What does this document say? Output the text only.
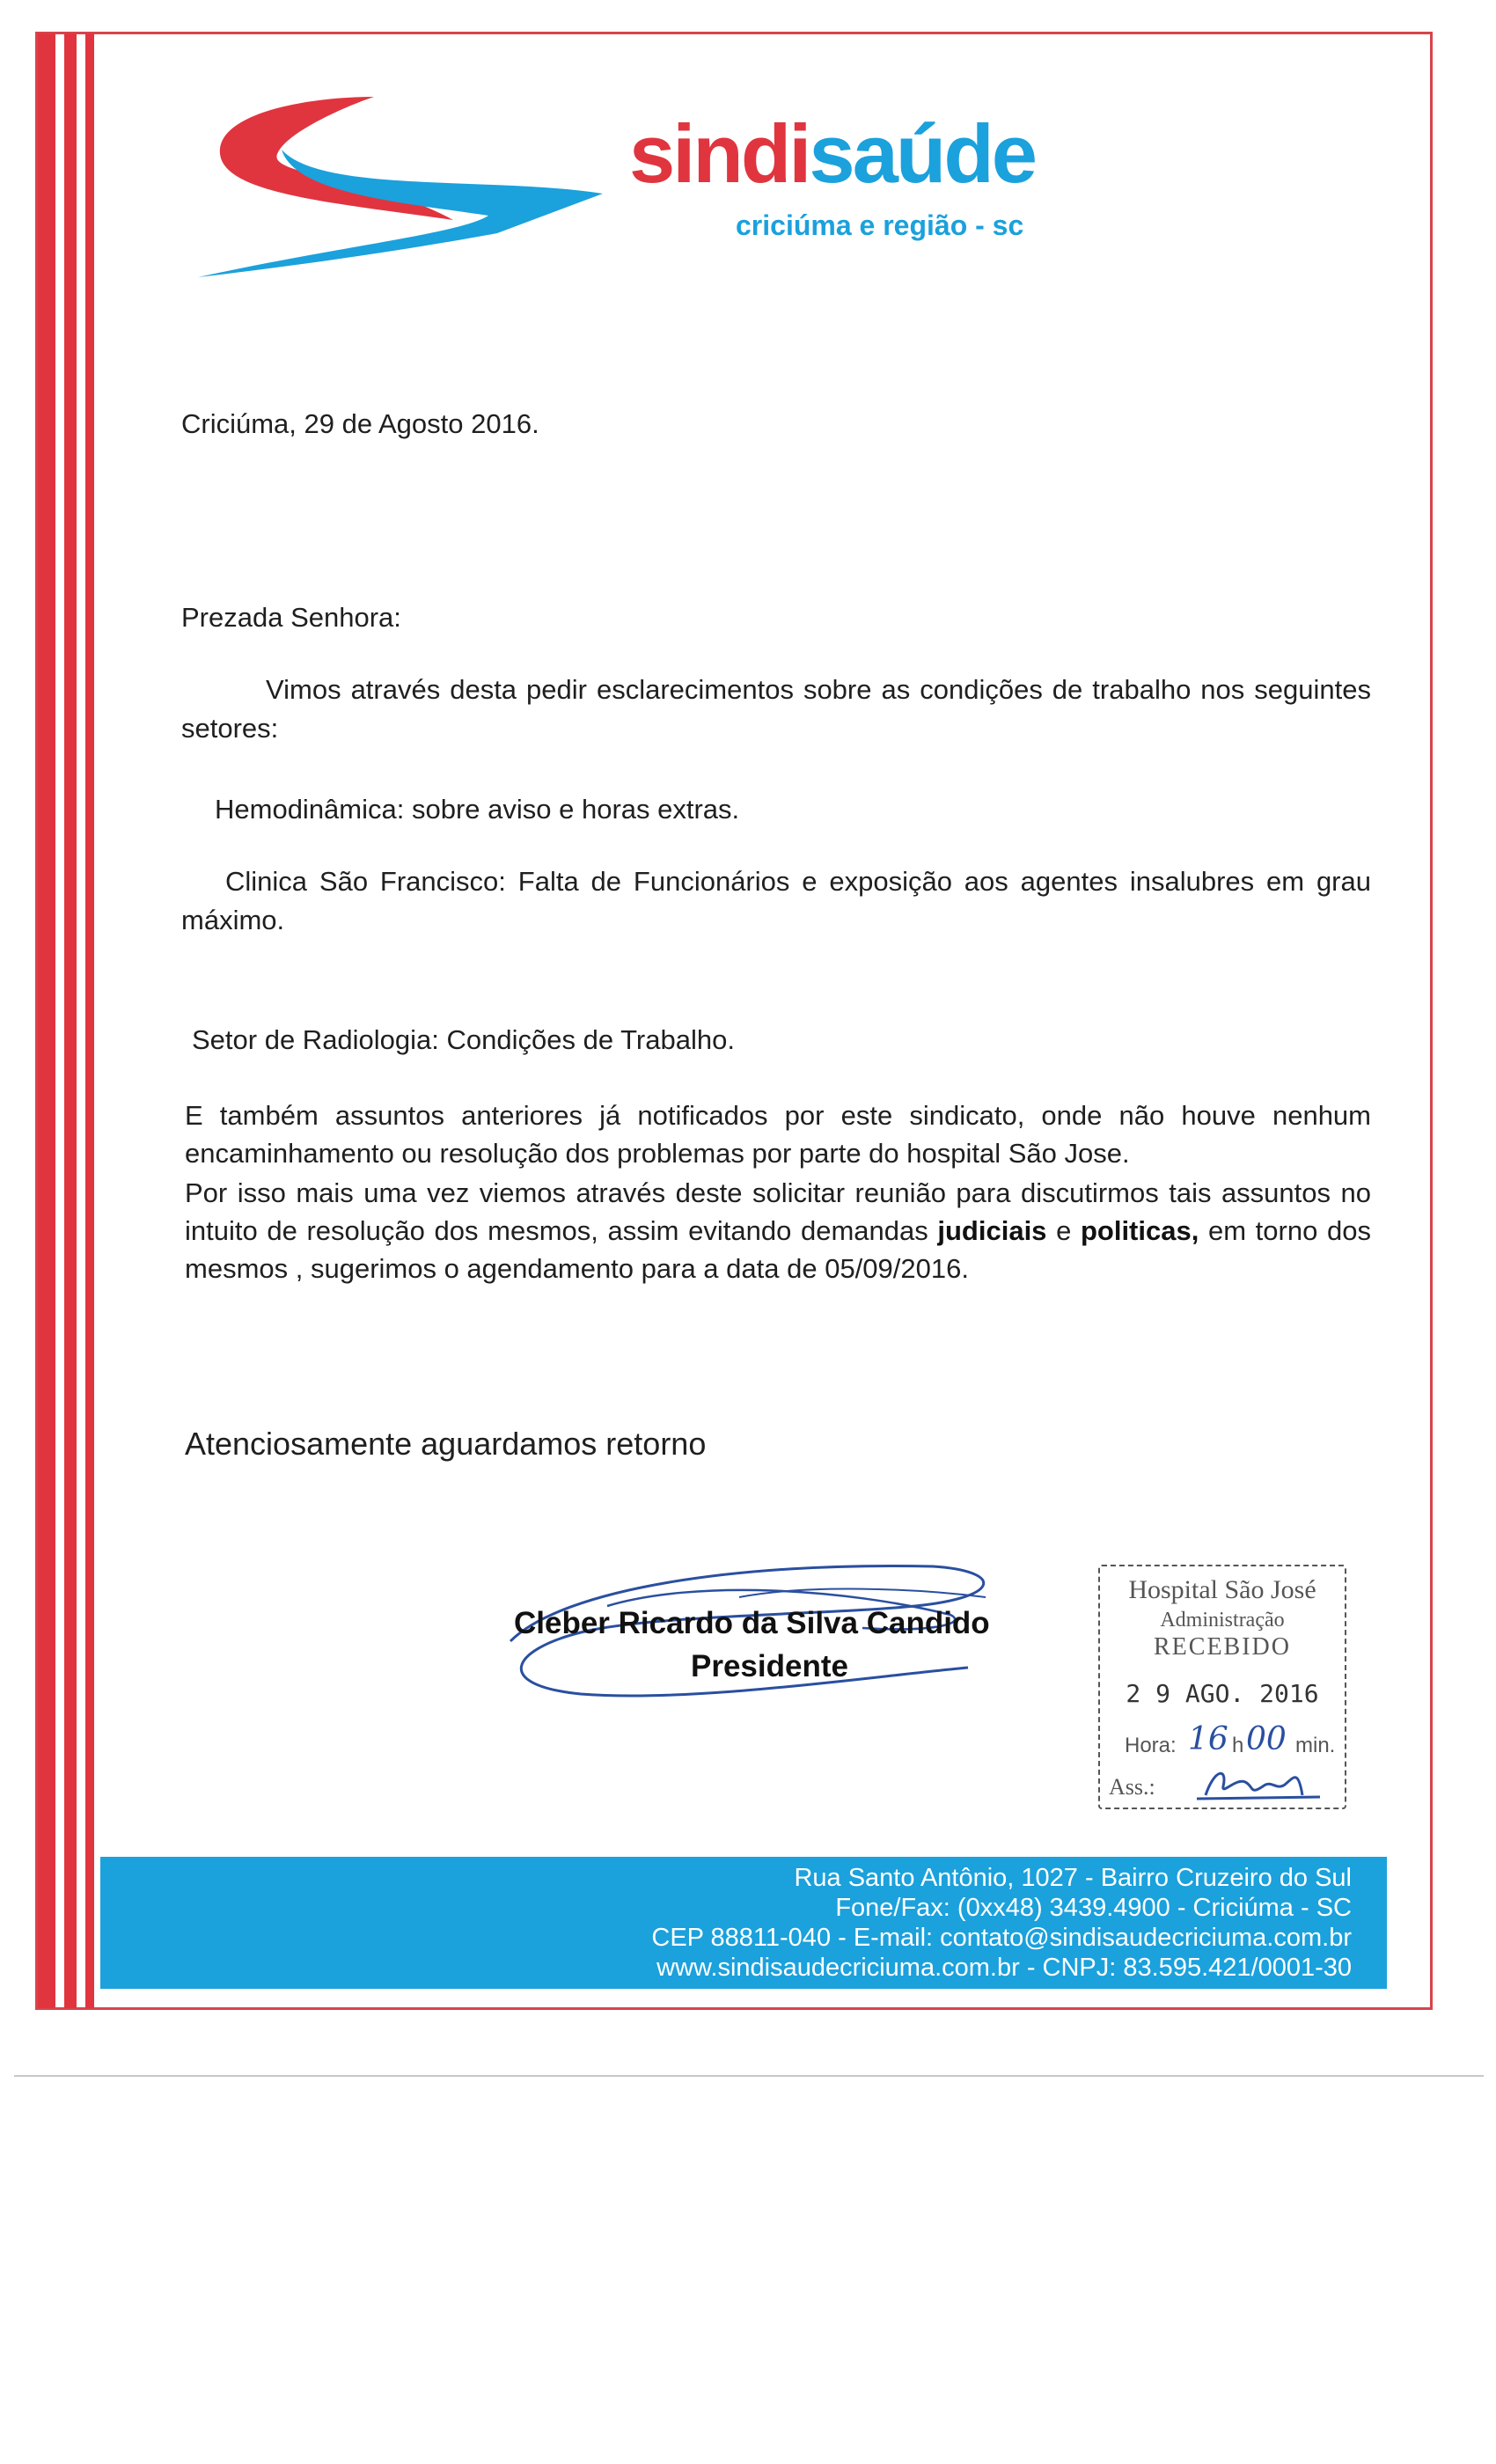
sindisaúde
criciúma e região - sc
Criciúma, 29 de Agosto 2016.
Prezada Senhora:
Vimos através desta pedir esclarecimentos sobre as condições de trabalho nos seguintes setores:
Hemodinâmica: sobre aviso e horas extras.
Clinica São Francisco: Falta de Funcionários e exposição aos agentes insalubres em grau máximo.
Setor de Radiologia: Condições de Trabalho.
E também assuntos anteriores já notificados por este sindicato, onde não houve nenhum encaminhamento ou resolução dos problemas por parte do hospital São Jose.
Por isso mais uma vez viemos através deste solicitar reunião para discutirmos tais assuntos no intuito de resolução dos mesmos, assim evitando demandas judiciais e politicas, em torno dos mesmos , sugerimos o agendamento para a data de 05/09/2016.
Atenciosamente aguardamos retorno
Cleber Ricardo da Silva Candido
Presidente
Hospital São José
Administração
RECEBIDO
2 9 AGO. 2016
Hora: 16 h 00 min.
Ass.:
Rua Santo Antônio, 1027 - Bairro Cruzeiro do Sul
Fone/Fax: (0xx48) 3439.4900 - Criciúma - SC
CEP 88811-040 - E-mail: contato@sindisaudecriciuma.com.br
www.sindisaudecriciuma.com.br - CNPJ: 83.595.421/0001-30
